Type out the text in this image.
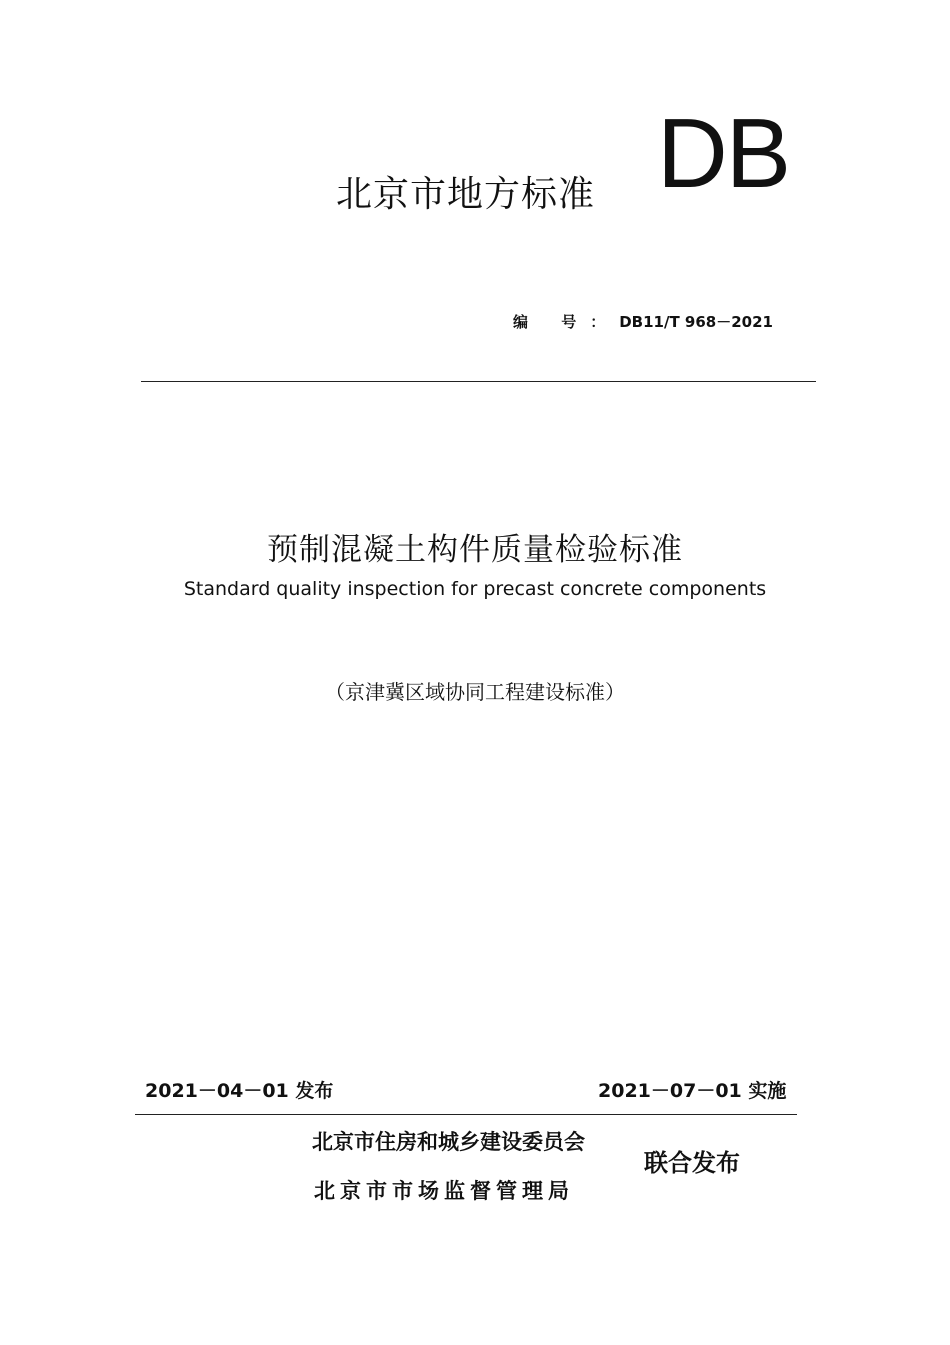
北京市地方标准 DB
编 号：DB11/T 968－2021
预制混凝土构件质量检验标准
Standard quality inspection for precast concrete components
（京津冀区域协同工程建设标准）
2021－04－01 发布	2021－07－01 实施
北京市住房和城乡建设委员会
北京市市场监督管理局
联合发布
